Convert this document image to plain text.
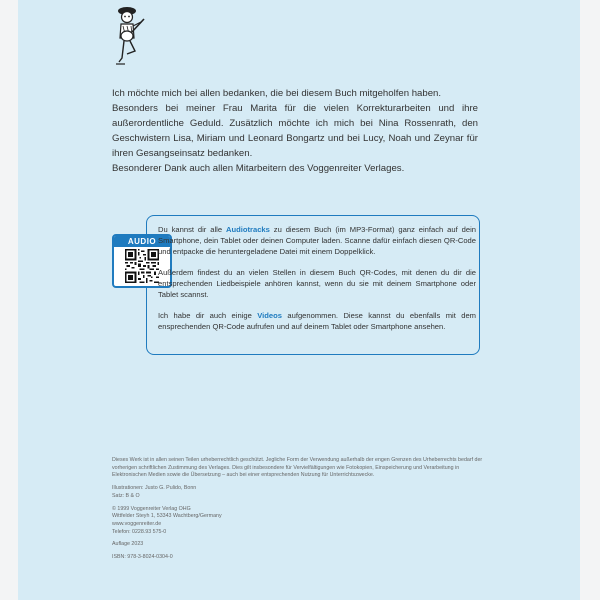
Ich möchte mich bei allen bedanken, die bei diesem Buch mitgeholfen haben.

Besonders bei meiner Frau Marita für die vielen Korrekturarbeiten und ihre außerordentliche Geduld. Zusätzlich möchte ich mich bei Nina Rossenrath, den Geschwistern Lisa, Miriam und Leonard Bongartz und bei Lucy, Noah und Zeynar für ihren Gesangseinsatz bedanken.

Besonderer Dank auch allen Mitarbeitern des Voggenreiter Verlages.

AUDIO

Du kannst dir alle Audiotracks zu diesem Buch (im MP3-Format) ganz einfach auf dein Smartphone, dein Tablet oder deinen Computer laden. Scanne dafür einfach diesen QR-Code und entpacke die heruntergeladene Datei mit einem Doppelklick.

Außerdem findest du an vielen Stellen in diesem Buch QR-Codes, mit denen du dir die entsprechenden Liedbeispiele anhören kannst, wenn du sie mit deinem Smartphone oder Tablet scannst.

Ich habe dir auch einige Videos aufgenommen. Diese kannst du ebenfalls mit dem ensprechenden QR-Code aufrufen und auf deinem Tablet oder Smartphone ansehen.

Dieses Werk ist in allen seinen Teilen urheberrechtlich geschützt. Jegliche Form der Verwendung außerhalb der engen Grenzen des Urheberrechts bedarf der vorherigen schriftlichen Zustimmung des Verlages. Dies gilt insbesondere für Vervielfältigungen wie Fotokopien, Einspeicherung und Verarbeitung in Elektronischen Medien sowie die Übersetzung – auch bei einer entsprechenden Nutzung für Unterrichtszwecke.

Illustrationen: Justo G. Pulido, Bonn
Satz: B & O

© 1999 Voggenreiter Verlag OHG
Wittfelder Steyh 1, 53343 Wachtberg/Germany
www.voggenreiter.de
Telefon: 0228.93 575-0

Auflage 2023

ISBN: 978-3-8024-0304-0
